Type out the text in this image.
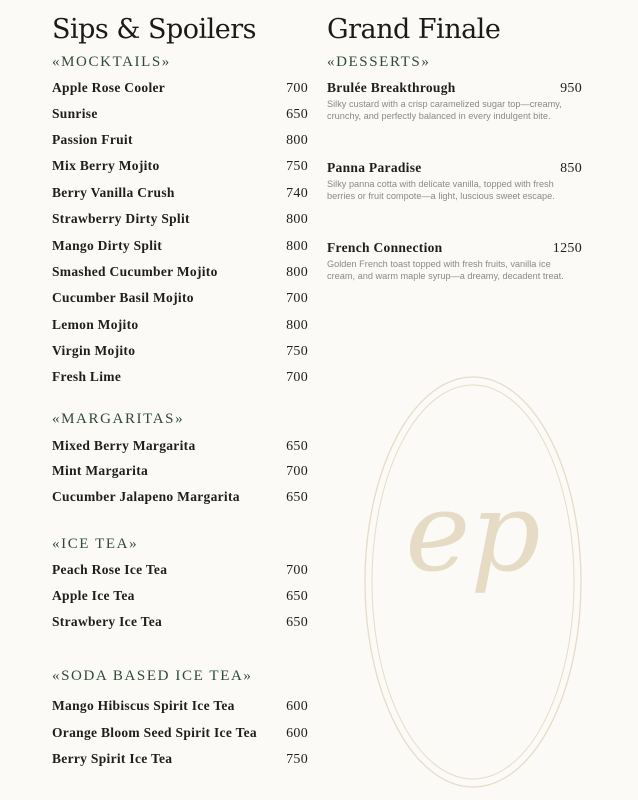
Sips & Spoilers	Grand Finale
«MOCKTAILS»
Apple Rose Cooler	700
Sunrise	650
Passion Fruit	800
Mix Berry Mojito	750
Berry Vanilla Crush	740
Strawberry Dirty Split	800
Mango Dirty Split	800
Smashed Cucumber Mojito	800
Cucumber Basil Mojito	700
Lemon Mojito	800
Virgin Mojito	750
Fresh Lime	700
«MARGARITAS»
Mixed Berry Margarita	650
Mint Margarita	700
Cucumber Jalapeno Margarita	650
«ICE TEA»
Peach Rose Ice Tea	700
Apple Ice Tea	650
Strawbery Ice Tea	650
«SODA BASED ICE TEA»
Mango Hibiscus Spirit Ice Tea	600
Orange Bloom Seed Spirit Ice Tea 600
Berry Spirit Ice Tea	750
«DESSERTS»
Brulée Breakthrough	950
Silky custard with a crisp caramelized sugar top—creamy, crunchy, and perfectly balanced in every indulgent bite.
Panna Paradise	850
Silky panna cotta with delicate vanilla, topped with fresh berries or fruit compote—a light, luscious sweet escape.
French Connection	1250
Golden French toast topped with fresh fruits, vanilla ice cream, and warm maple syrup—a dreamy, decadent treat.
ep
